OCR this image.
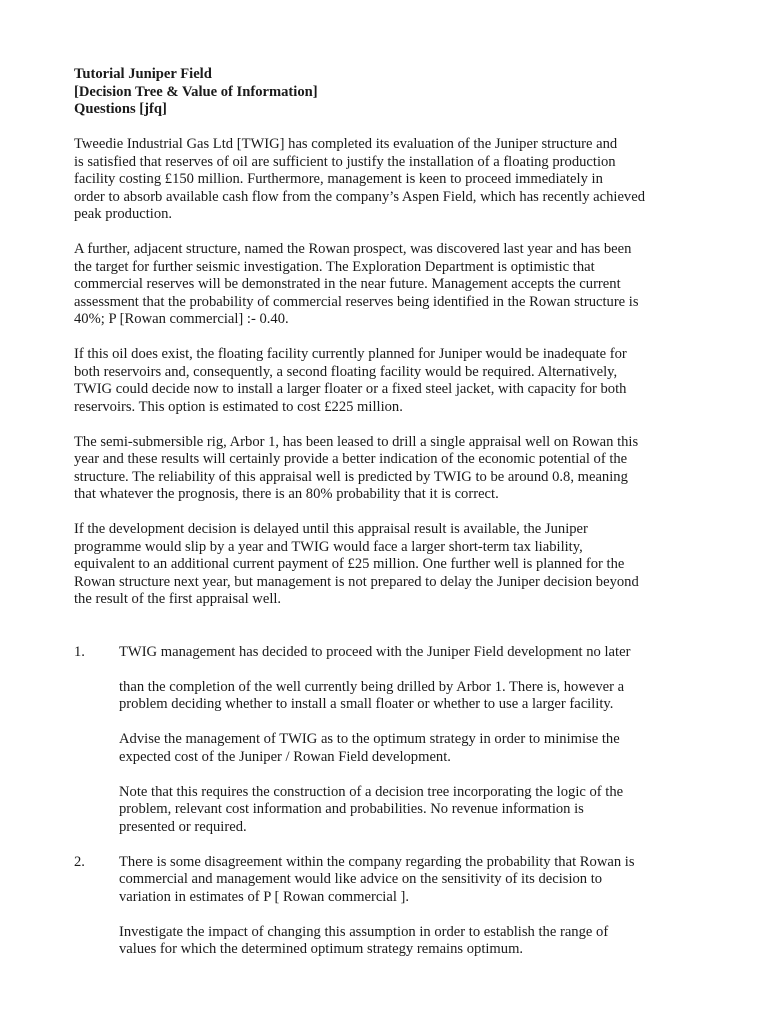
Tutorial Juniper Field

[Decision Tree & Value of Information]

Questions [jfq]

Tweedie Industrial Gas Ltd [TWIG] has completed its evaluation of the Juniper structure and
is satisfied that reserves of oil are sufficient to justify the installation of a floating production
facility costing £150 million. Furthermore, management is keen to proceed immediately in
order to absorb available cash flow from the company’s Aspen Field, which has recently achieved
peak production.
A further, adjacent structure, named the Rowan prospect, was discovered last year and has been
the target for further seismic investigation. The Exploration Department is optimistic that
commercial reserves will be demonstrated in the near future. Management accepts the current
assessment that the probability of commercial reserves being identified in the Rowan structure is
40%; P [Rowan commercial] :- 0.40.
If this oil does exist, the floating facility currently planned for Juniper would be inadequate for
both reservoirs and, consequently, a second floating facility would be required. Alternatively,
TWIG could decide now to install a larger floater or a fixed steel jacket, with capacity for both
reservoirs. This option is estimated to cost £225 million.
The semi-submersible rig, Arbor 1, has been leased to drill a single appraisal well on Rowan this
year and these results will certainly provide a better indication of the economic potential of the
structure. The reliability of this appraisal well is predicted by TWIG to be around 0.8, meaning
that whatever the prognosis, there is an 80% probability that it is correct.
If the development decision is delayed until this appraisal result is available, the Juniper
programme would slip by a year and TWIG would face a larger short-term tax liability,
equivalent to an additional current payment of £25 million. One further well is planned for the
Rowan structure next year, but management is not prepared to delay the Juniper decision beyond
the result of the first appraisal well.
1.	TWIG management has decided to proceed with the Juniper Field development no later
than the completion of the well currently being drilled by Arbor 1. There is, however a
problem deciding whether to install a small floater or whether to use a larger facility.
Advise the management of TWIG as to the optimum strategy in order to minimise the
expected cost of the Juniper / Rowan Field development.
Note that this requires the construction of a decision tree incorporating the logic of the
problem, relevant cost information and probabilities. No revenue information is
presented or required.
2.	There is some disagreement within the company regarding the probability that Rowan is
commercial and management would like advice on the sensitivity of its decision to
variation in estimates of P [ Rowan commercial ].
Investigate the impact of changing this assumption in order to establish the range of
values for which the determined optimum strategy remains optimum.
